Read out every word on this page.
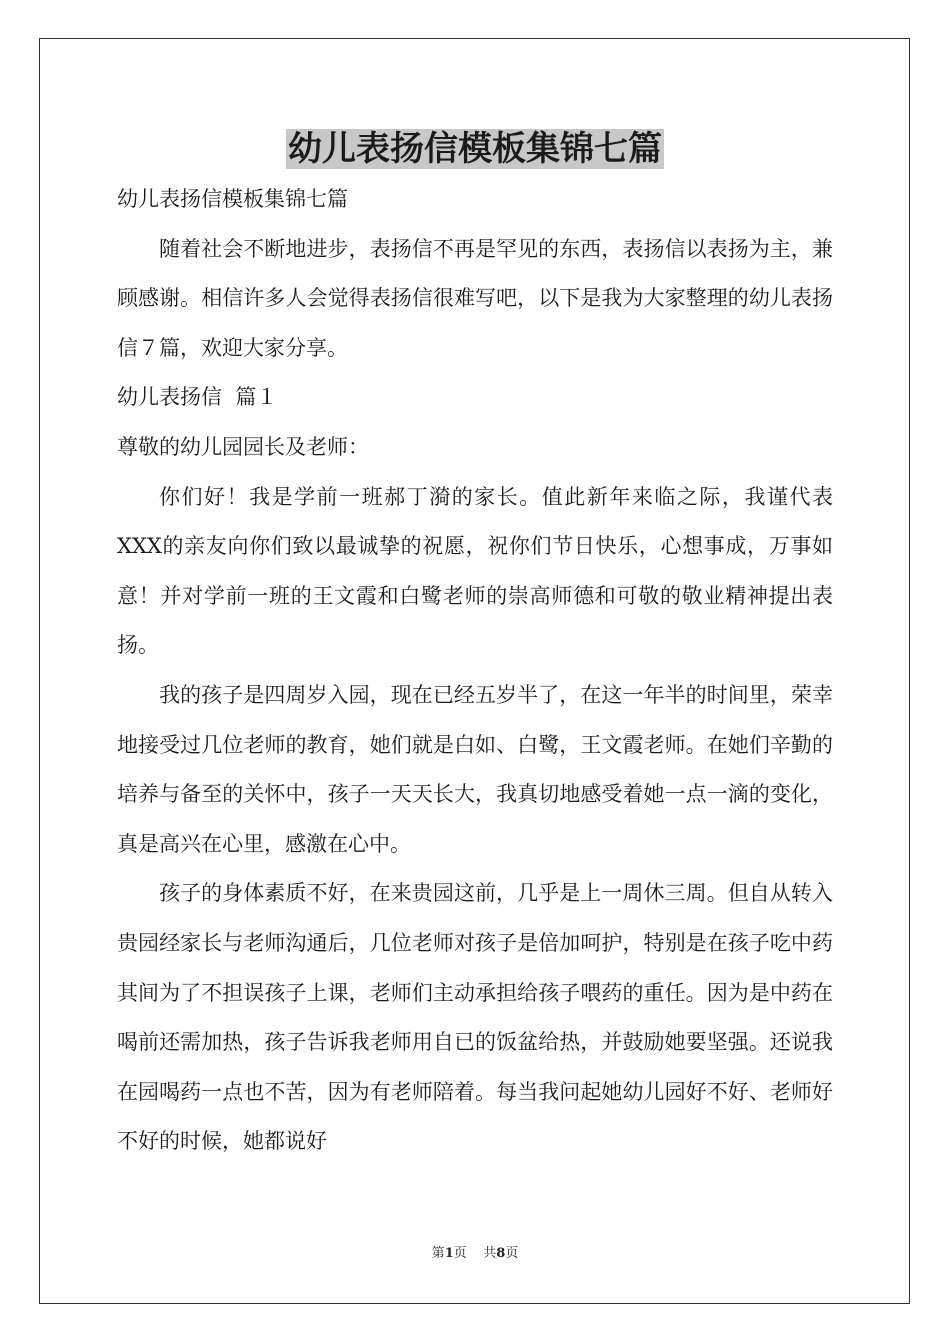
幼儿表扬信模板集锦七篇

幼儿表扬信模板集锦七篇

随着社会不断地进步，表扬信不再是罕见的东西，表扬信以表扬为主，兼顾感谢。相信许多人会觉得表扬信很难写吧，以下是我为大家整理的幼儿表扬信７篇，欢迎大家分享。

幼儿表扬信  篇１

尊敬的幼儿园园长及老师：

你们好！我是学前一班郝丁漪的家长。值此新年来临之际，我谨代表XXX的亲友向你们致以最诚挚的祝愿，祝你们节日快乐，心想事成，万事如意！并对学前一班的王文霞和白鹭老师的崇高师德和可敬的敬业精神提出表扬。

我的孩子是四周岁入园，现在已经五岁半了，在这一年半的时间里，荣幸地接受过几位老师的教育，她们就是白如、白鹭，王文霞老师。在她们辛勤的培养与备至的关怀中，孩子一天天长大，我真切地感受着她一点一滴的变化，真是高兴在心里，感激在心中。

孩子的身体素质不好，在来贵园这前，几乎是上一周休三周。但自从转入贵园经家长与老师沟通后，几位老师对孩子是倍加呵护，特别是在孩子吃中药其间为了不担误孩子上课，老师们主动承担给孩子喂药的重任。因为是中药在喝前还需加热，孩子告诉我老师用自已的饭盆给热，并鼓励她要坚强。还说我在园喝药一点也不苦，因为有老师陪着。每当我问起她幼儿园好不好、老师好不好的时候，她都说好

第1页    共8页
